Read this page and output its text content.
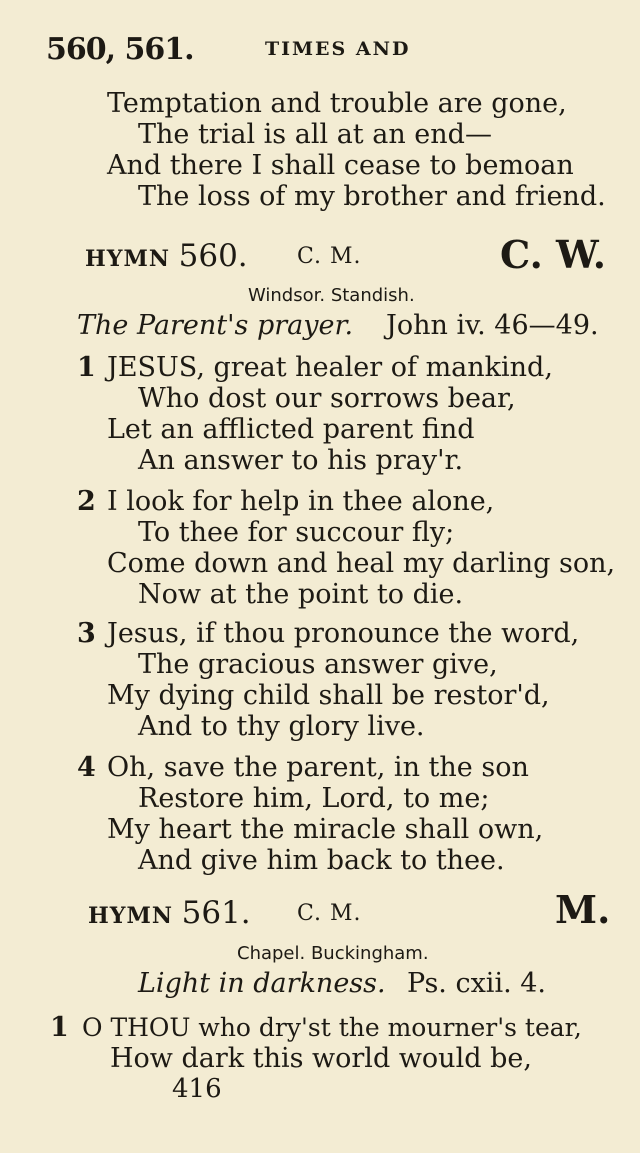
560, 561.	TIMES AND
Temptation and trouble are gone,
The trial is all at an end—
And there I shall cease to bemoan
The loss of my brother and friend.
HYMN 560. C. M.	C. W.
Windsor. Standish.
The Parent's prayer. John iv. 46—49.
1 JESUS, great healer of mankind,
Who dost our sorrows bear,
Let an afflicted parent find
An answer to his pray'r.
2 I look for help in thee alone,
To thee for succour fly;
Come down and heal my darling son,
Now at the point to die.
3 Jesus, if thou pronounce the word,
The gracious answer give,
My dying child shall be restor'd,
And to thy glory live.
4 Oh, save the parent, in the son
Restore him, Lord, to me;
My heart the miracle shall own,
And give him back to thee.
HYMN 561. C. M.	M.
Chapel. Buckingham.
Light in darkness. Ps. cxii. 4.
1 O THOU who dry'st the mourner's tear,
How dark this world would be,
416
